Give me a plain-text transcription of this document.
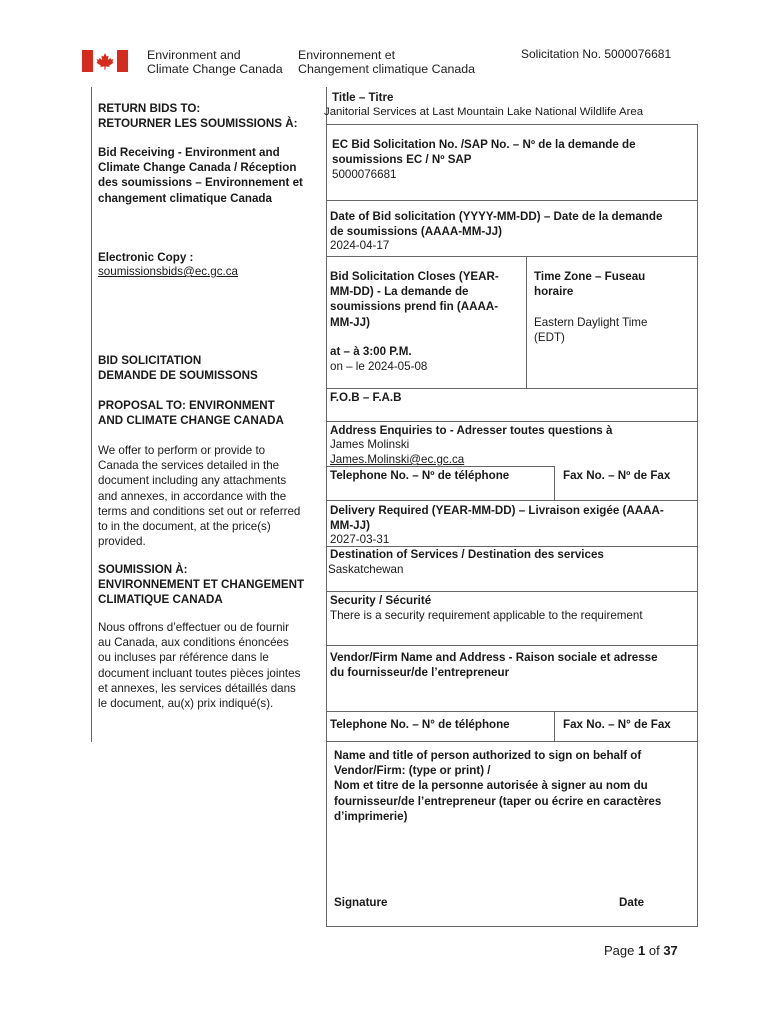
Environment and
Climate Change Canada
Environnement et
Changement climatique Canada
Solicitation No. 5000076681
RETURN BIDS TO:
RETOURNER LES SOUMISSIONS À:
Bid Receiving - Environment and
Climate Change Canada / Réception
des soumissions – Environnement et
changement climatique Canada
Electronic Copy :
soumissionsbids@ec.gc.ca
BID SOLICITATION
DEMANDE DE SOUMISSONS
PROPOSAL TO: ENVIRONMENT
AND CLIMATE CHANGE CANADA
We offer to perform or provide to
Canada the services detailed in the
document including any attachments
and annexes, in accordance with the
terms and conditions set out or referred
to in the document, at the price(s)
provided.
SOUMISSION À:
ENVIRONNEMENT ET CHANGEMENT
CLIMATIQUE CANADA
Nous offrons d’effectuer ou de fournir
au Canada, aux conditions énoncées
ou incluses par référence dans le
document incluant toutes pièces jointes
et annexes, les services détaillés dans
le document, au(x) prix indiqué(s).
Title – Titre
Janitorial Services at Last Mountain Lake National Wildlife Area
EC Bid Solicitation No. /SAP No. – Nº de la demande de
soumissions EC / Nº SAP
5000076681
Date of Bid solicitation (YYYY-MM-DD) – Date de la demande
de soumissions (AAAA-MM-JJ)
2024-04-17
Bid Solicitation Closes (YEAR-
MM-DD) - La demande de
soumissions prend fin (AAAA-
MM-JJ)
at – à 3:00 P.M.
on – le 2024-05-08
Time Zone – Fuseau
horaire
Eastern Daylight Time
(EDT)
F.O.B – F.A.B
Address Enquiries to - Adresser toutes questions à
James Molinski
James.Molinski@ec.gc.ca
Telephone No. – Nº de téléphone	Fax No. – Nº de Fax
Delivery Required (YEAR-MM-DD) – Livraison exigée (AAAA-
MM-JJ)
2027-03-31
Destination of Services / Destination des services
Saskatchewan
Security / Sécurité
There is a security requirement applicable to the requirement
Vendor/Firm Name and Address - Raison sociale et adresse
du fournisseur/de l’entrepreneur
Telephone No. – N° de téléphone	Fax No. – N° de Fax
Name and title of person authorized to sign on behalf of
Vendor/Firm: (type or print) /
Nom et titre de la personne autorisée à signer au nom du
fournisseur/de l’entrepreneur (taper ou écrire en caractères
d’imprimerie)
Signature	Date
Page 1 of 37
